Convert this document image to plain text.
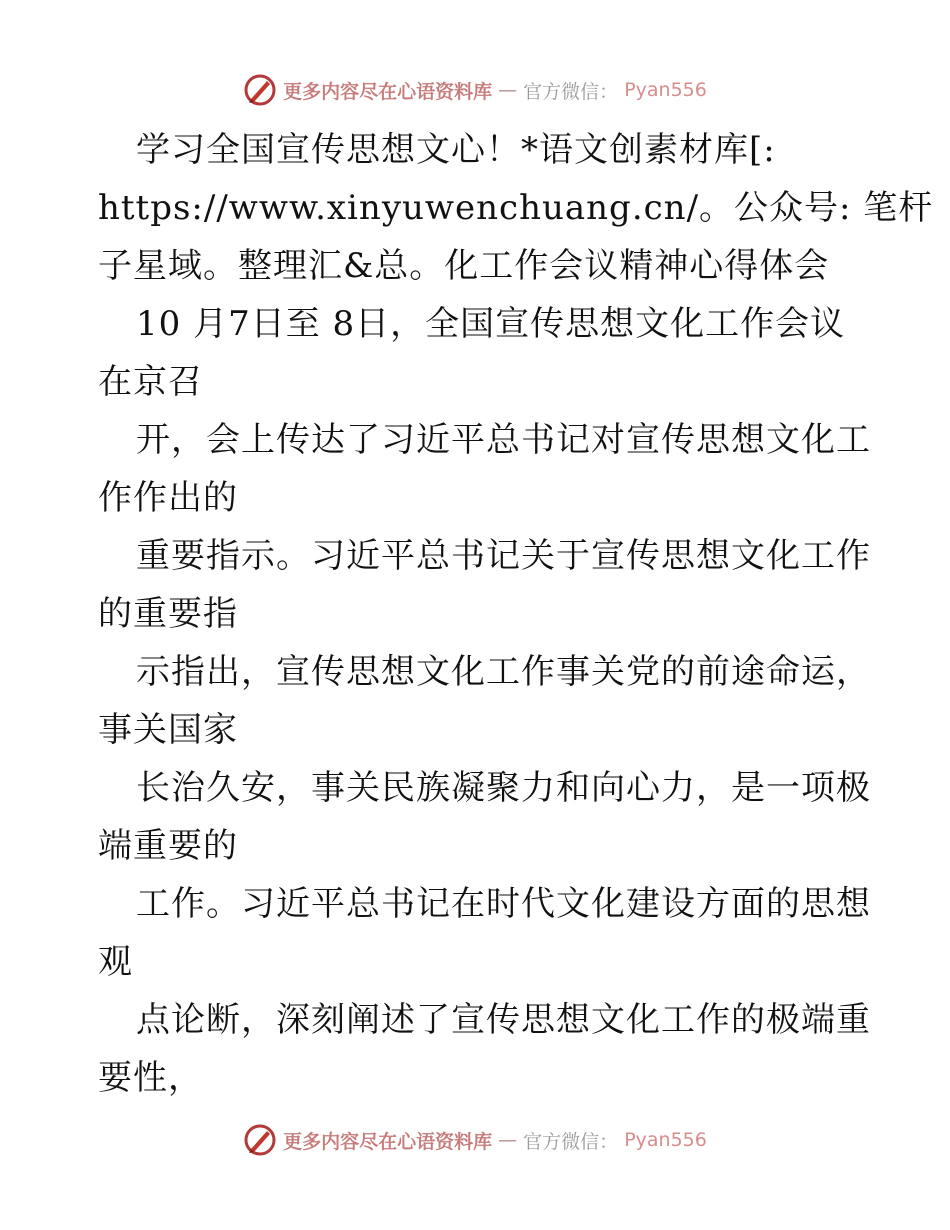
更多内容尽在心语资料库 — 官方微信： Pyan556

学习全国宣传思想文心！*语文创素材库[:

https://www.xinyuwenchuang.cn/。公众号: 笔杆

子星域。整理汇&总。化工作会议精神心得体会

10 月7日至 8日，全国宣传思想文化工作会议

在京召

开，会上传达了习近平总书记对宣传思想文化工

作作出的

重要指示。习近平总书记关于宣传思想文化工作

的重要指

示指出，宣传思想文化工作事关党的前途命运，

事关国家

长治久安，事关民族凝聚力和向心力，是一项极

端重要的

工作。习近平总书记在时代文化建设方面的思想

观

点论断，深刻阐述了宣传思想文化工作的极端重

要性，

更多内容尽在心语资料库 — 官方微信： Pyan556
